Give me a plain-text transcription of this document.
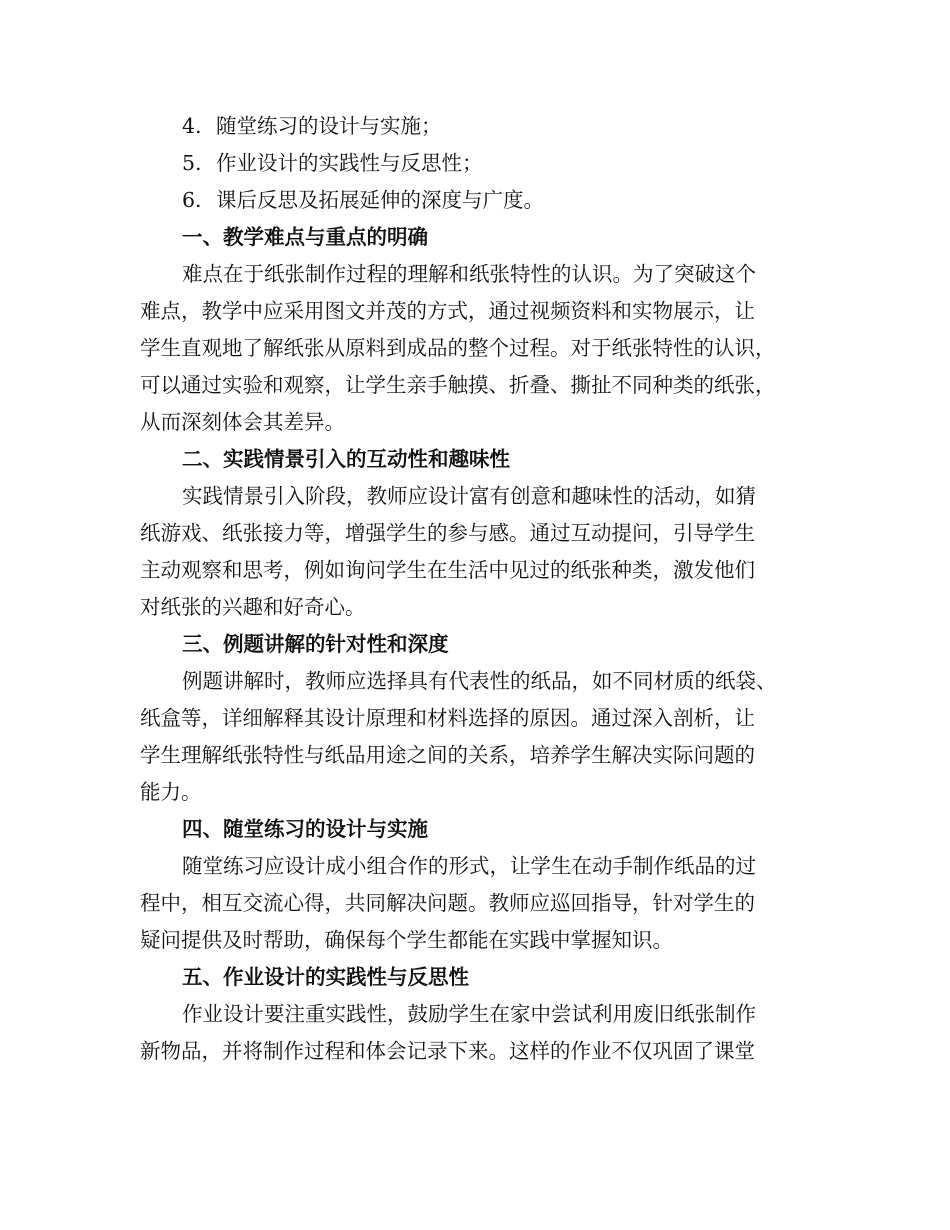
4. 随堂练习的设计与实施；
5. 作业设计的实践性与反思性；
6. 课后反思及拓展延伸的深度与广度。
一、教学难点与重点的明确

难点在于纸张制作过程的理解和纸张特性的认识。为了突破这个

难点，教学中应采用图文并茂的方式，通过视频资料和实物展示，让

学生直观地了解纸张从原料到成品的整个过程。对于纸张特性的认识，

可以通过实验和观察，让学生亲手触摸、折叠、撕扯不同种类的纸张，

从而深刻体会其差异。

二、实践情景引入的互动性和趣味性

实践情景引入阶段，教师应设计富有创意和趣味性的活动，如猜

纸游戏、纸张接力等，增强学生的参与感。通过互动提问，引导学生

主动观察和思考，例如询问学生在生活中见过的纸张种类，激发他们

对纸张的兴趣和好奇心。

三、例题讲解的针对性和深度

例题讲解时，教师应选择具有代表性的纸品，如不同材质的纸袋、

纸盒等，详细解释其设计原理和材料选择的原因。通过深入剖析，让

学生理解纸张特性与纸品用途之间的关系，培养学生解决实际问题的

能力。

四、随堂练习的设计与实施

随堂练习应设计成小组合作的形式，让学生在动手制作纸品的过

程中，相互交流心得，共同解决问题。教师应巡回指导，针对学生的

疑问提供及时帮助，确保每个学生都能在实践中掌握知识。

五、作业设计的实践性与反思性

作业设计要注重实践性，鼓励学生在家中尝试利用废旧纸张制作

新物品，并将制作过程和体会记录下来。这样的作业不仅巩固了课堂
